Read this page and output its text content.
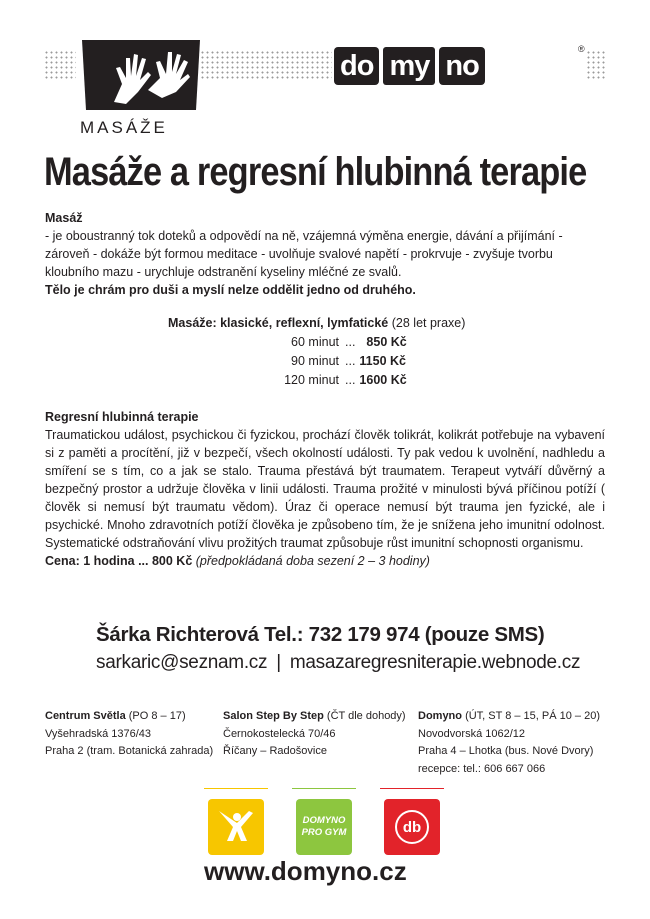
MASÁŽE
do my no
®
Masáže a regresní hlubinná terapie

Masáž

- je oboustranný tok doteků a odpovědí na ně, vzájemná výměna energie, dávání a přijímání -

zároveň - dokáže být formou meditace - uvolňuje svalové napětí - prokrvuje - zvyšuje tvorbu

kloubního mazu - urychluje odstranění kyseliny mléčné ze svalů.

Tělo je chrám pro duši a myslí nelze oddělit jedno od druhého.

Masáže: klasické, reflexní, lymfatické (28 let praxe)
60 minut ... 850 Kč
90 minut ... 1150 Kč
120 minut ... 1600 Kč

Regresní hlubinná terapie

Traumatickou událost, psychickou či fyzickou, prochází člověk tolikrát, kolikrát potřebuje na vybavení si z paměti a procítění, již v bezpečí, všech okolností události. Ty pak vedou k uvolnění, nadhledu a smíření se s tím, co a jak se stalo. Trauma přestává být traumatem. Terapeut vytváří důvěrný a bezpečný prostor a udržuje člověka v linii události. Trauma prožité v minulosti bývá příčinou potíží ( člověk si nemusí být traumatu vědom). Úraz či operace nemusí být trauma jen fyzické, ale i psychické. Mnoho zdravotních potíží člověka je způsobeno tím, že je snížena jeho imunitní odolnost. Systematické odstraňování vlivu prožitých traumat způsobuje růst imunitní schopnosti organismu.

Cena: 1 hodina ... 800 Kč (předpokládaná doba sezení 2 – 3 hodiny)

Šárka Richterová Tel.: 732 179 974 (pouze SMS)
sarkaric@seznam.cz | masazaregresniterapie.webnode.cz
Centrum Světla (PO 8 – 17)
Vyšehradská 1376/43
Praha 2 (tram. Botanická zahrada)
Salon Step By Step (ČT dle dohody)
Černokostelecká 70/46
Říčany – Radošovice
Domyno (ÚT, ST 8 – 15, PÁ 10 – 20)
Novodvorská 1062/12
Praha 4 – Lhotka (bus. Nové Dvory)
recepce: tel.: 606 667 066
DOMYNO
PRO GYM	db
www.domyno.cz
